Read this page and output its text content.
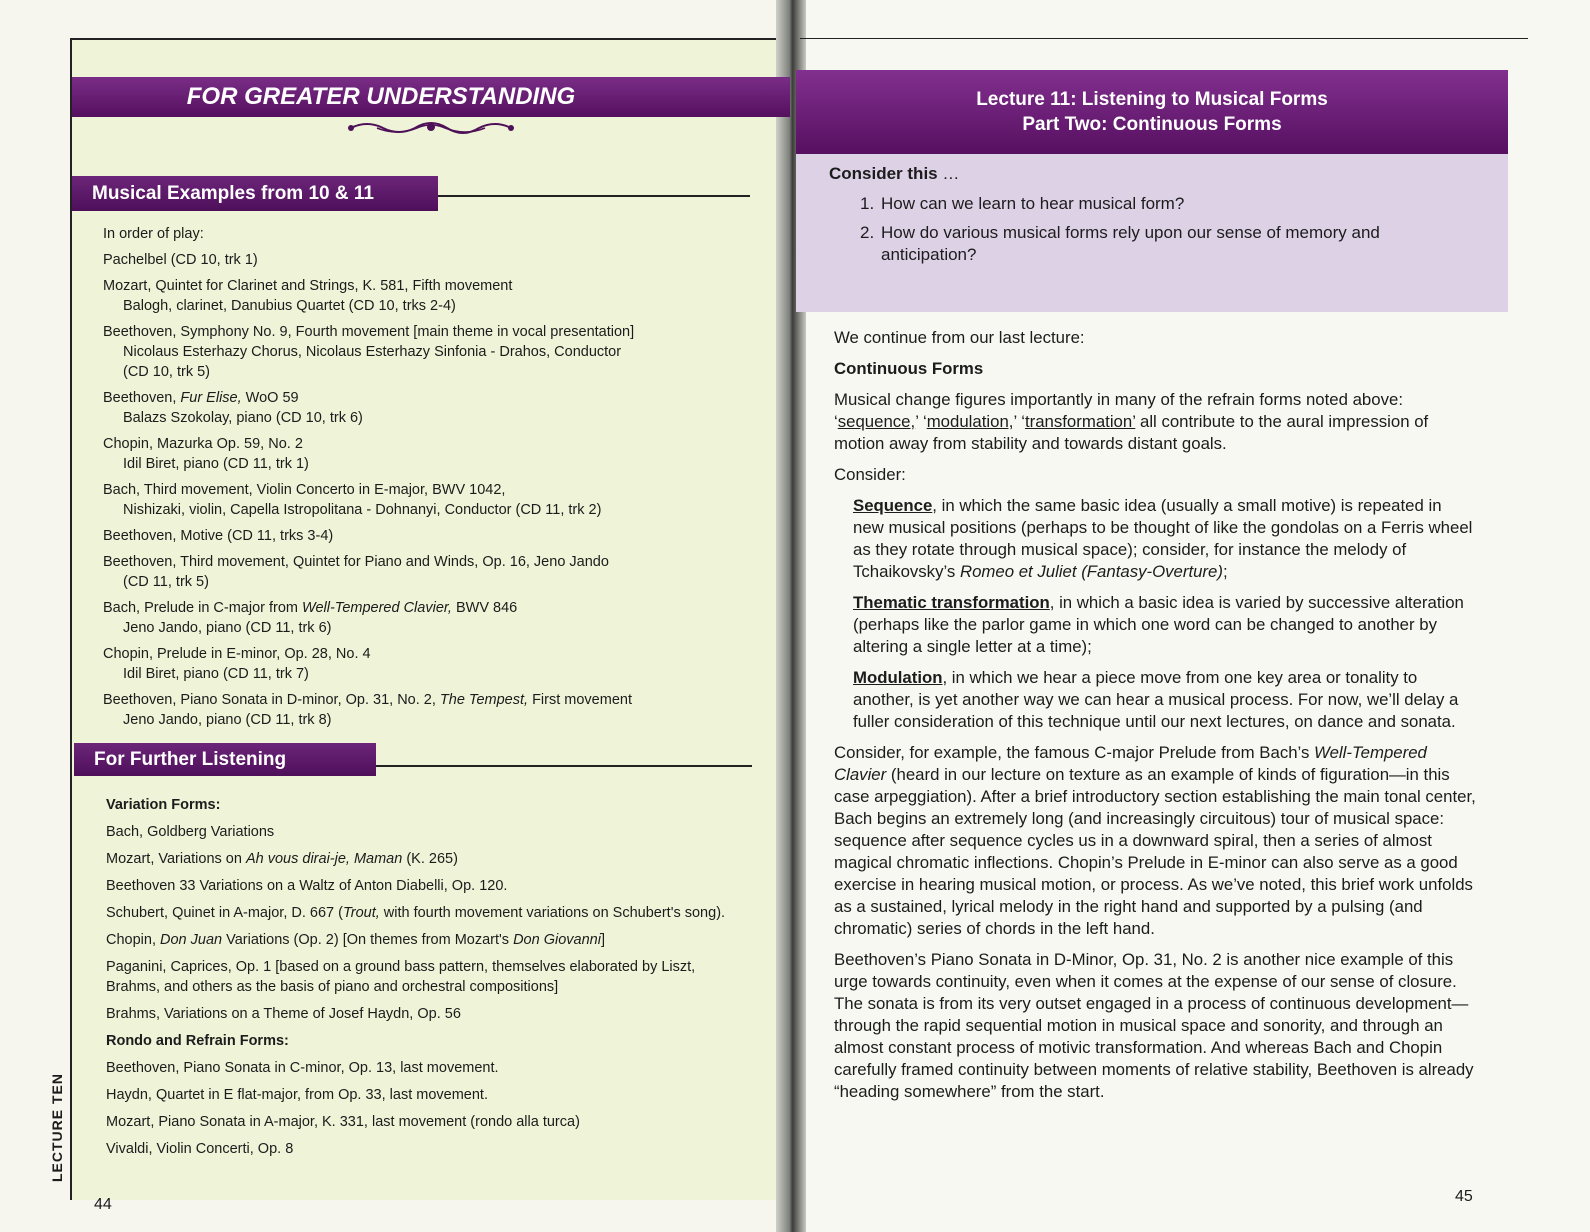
FOR GREATER UNDERSTANDING
Musical Examples from 10 & 11
In order of play:
Pachelbel (CD 10, trk 1)
Mozart, Quintet for Clarinet and Strings, K. 581, Fifth movement
Balogh, clarinet, Danubius Quartet (CD 10, trks 2-4)
Beethoven, Symphony No. 9, Fourth movement [main theme in vocal presentation]
Nicolaus Esterhazy Chorus, Nicolaus Esterhazy Sinfonia - Drahos, Conductor
(CD 10, trk 5)
Beethoven, Fur Elise, WoO 59
Balazs Szokolay, piano (CD 10, trk 6)
Chopin, Mazurka Op. 59, No. 2
Idil Biret, piano (CD 11, trk 1)
Bach, Third movement, Violin Concerto in E-major, BWV 1042,
Nishizaki, violin, Capella Istropolitana - Dohnanyi, Conductor (CD 11, trk 2)
Beethoven, Motive (CD 11, trks 3-4)
Beethoven, Third movement, Quintet for Piano and Winds, Op. 16, Jeno Jando
(CD 11, trk 5)
Bach, Prelude in C-major from Well-Tempered Clavier, BWV 846
Jeno Jando, piano (CD 11, trk 6)
Chopin, Prelude in E-minor, Op. 28, No. 4
Idil Biret, piano (CD 11, trk 7)
Beethoven, Piano Sonata in D-minor, Op. 31, No. 2, The Tempest, First movement
Jeno Jando, piano (CD 11, trk 8)
For Further Listening
Variation Forms:
Bach, Goldberg Variations
Mozart, Variations on Ah vous dirai-je, Maman (K. 265)
Beethoven 33 Variations on a Waltz of Anton Diabelli, Op. 120.
Schubert, Quinet in A-major, D. 667 (Trout, with fourth movement variations on Schubert's song).
Chopin, Don Juan Variations (Op. 2) [On themes from Mozart's Don Giovanni]
Paganini, Caprices, Op. 1 [based on a ground bass pattern, themselves elaborated by Liszt, Brahms, and others as the basis of piano and orchestral compositions]
Brahms, Variations on a Theme of Josef Haydn, Op. 56
Rondo and Refrain Forms:
Beethoven, Piano Sonata in C-minor, Op. 13, last movement.
Haydn, Quartet in E flat-major, from Op. 33, last movement.
Mozart, Piano Sonata in A-major, K. 331, last movement (rondo alla turca)
Vivaldi, Violin Concerti, Op. 8
LECTURE TEN
44
Lecture 11: Listening to Musical Forms
Part Two: Continuous Forms
Consider this …
1. How can we learn to hear musical form?
2. How do various musical forms rely upon our sense of memory and anticipation?

We continue from our last lecture:

Continuous Forms

Musical change figures importantly in many of the refrain forms noted above: ‘sequence,’ ‘modulation,’ ‘transformation’ all contribute to the aural impression of motion away from stability and towards distant goals.

Consider:

Sequence, in which the same basic idea (usually a small motive) is repeated in new musical positions (perhaps to be thought of like the gondolas on a Ferris wheel as they rotate through musical space); consider, for instance the melody of Tchaikovsky’s Romeo et Juliet (Fantasy-Overture);

Thematic transformation, in which a basic idea is varied by successive alteration (perhaps like the parlor game in which one word can be changed to another by altering a single letter at a time);

Modulation, in which we hear a piece move from one key area or tonality to another, is yet another way we can hear a musical process. For now, we’ll delay a fuller consideration of this technique until our next lectures, on dance and sonata.

Consider, for example, the famous C-major Prelude from Bach’s Well-Tempered Clavier (heard in our lecture on texture as an example of kinds of figuration—in this case arpeggiation). After a brief introductory section establishing the main tonal center, Bach begins an extremely long (and increasingly circuitous) tour of musical space: sequence after sequence cycles us in a downward spiral, then a series of almost magical chromatic inflections. Chopin’s Prelude in E-minor can also serve as a good exercise in hearing musical motion, or process. As we’ve noted, this brief work unfolds as a sustained, lyrical melody in the right hand and supported by a pulsing (and chromatic) series of chords in the left hand.

Beethoven’s Piano Sonata in D-Minor, Op. 31, No. 2 is another nice example of this urge towards continuity, even when it comes at the expense of our sense of closure. The sonata is from its very outset engaged in a process of continuous development—through the rapid sequential motion in musical space and sonority, and through an almost constant process of motivic transformation. And whereas Bach and Chopin carefully framed continuity between moments of relative stability, Beethoven is already “heading somewhere” from the start.

45
